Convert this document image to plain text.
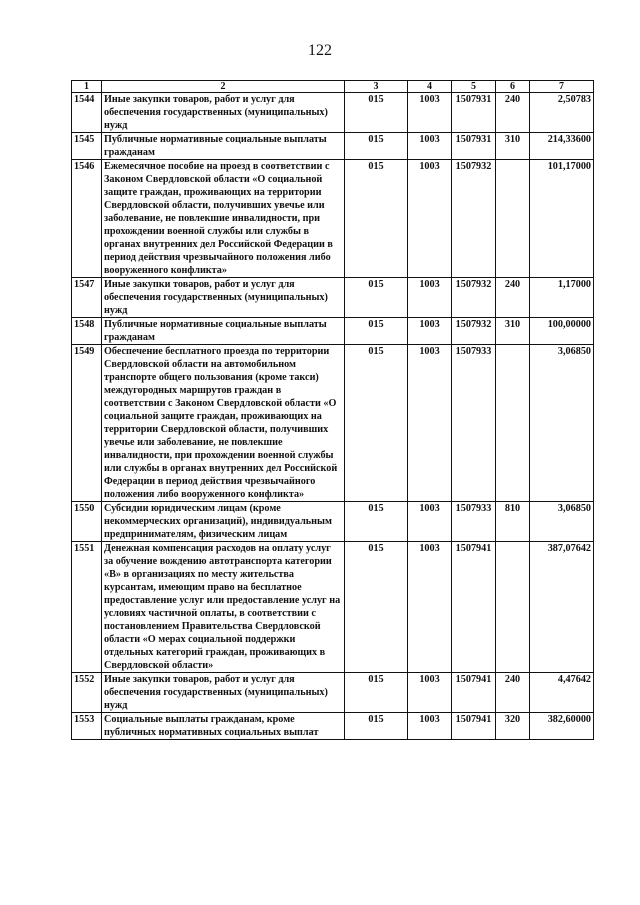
122
1	2	3	4	5	6	7
1544	Иные закупки товаров, работ и услуг для обеспечения государственных (муниципальных) нужд	015	1003	1507931	240	2,50783
1545	Публичные нормативные социальные выплаты гражданам	015	1003	1507931	310	214,33600
1546	Ежемесячное пособие на проезд в соответствии с Законом Свердловской области «О социальной защите граждан, проживающих на территории Свердловской области, получивших увечье или заболевание, не повлекшие инвалидности, при прохождении военной службы или службы в органах внутренних дел Российской Федерации в период действия чрезвычайного положения либо вооруженного конфликта»	015	1003	1507932		101,17000
1547	Иные закупки товаров, работ и услуг для обеспечения государственных (муниципальных) нужд	015	1003	1507932	240	1,17000
1548	Публичные нормативные социальные выплаты гражданам	015	1003	1507932	310	100,00000
1549	Обеспечение бесплатного проезда по территории Свердловской области на автомобильном транспорте общего пользования (кроме такси) междугородных маршрутов граждан в соответствии с Законом Свердловской области «О социальной защите граждан, проживающих на территории Свердловской области, получивших увечье или заболевание, не повлекшие инвалидности, при прохождении военной службы или службы в органах внутренних дел Российской Федерации в период действия чрезвычайного положения либо вооруженного конфликта»	015	1003	1507933		3,06850
1550	Субсидии юридическим лицам (кроме некоммерческих организаций), индивидуальным предпринимателям, физическим лицам	015	1003	1507933	810	3,06850
1551	Денежная компенсация расходов на оплату услуг за обучение вождению автотранспорта категории «В» в организациях по месту жительства курсантам, имеющим право на бесплатное предоставление услуг или предоставление услуг на условиях частичной оплаты, в соответствии с постановлением Правительства Свердловской области «О мерах социальной поддержки отдельных категорий граждан, проживающих в Свердловской области»	015	1003	1507941		387,07642
1552	Иные закупки товаров, работ и услуг для обеспечения государственных (муниципальных) нужд	015	1003	1507941	240	4,47642
1553	Социальные выплаты гражданам, кроме публичных нормативных социальных выплат	015	1003	1507941	320	382,60000
